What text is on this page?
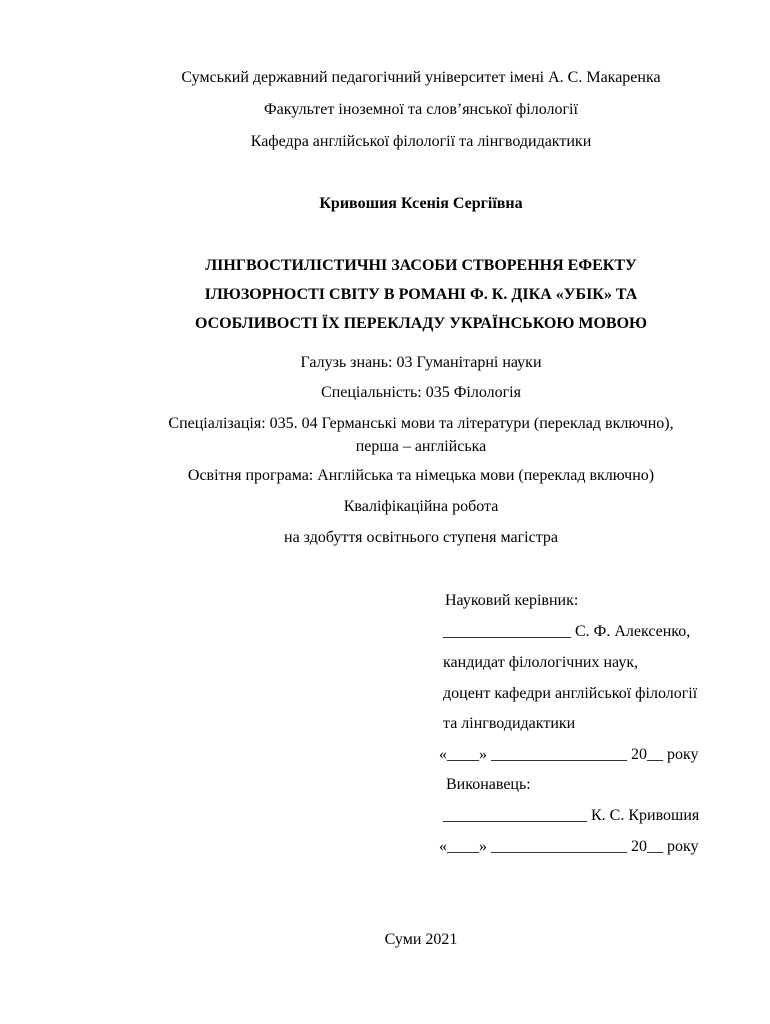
Сумський державний педагогічний університет імені А. С. Макаренка
Факультет іноземної та слов’янської філології
Кафедра англійської філології та лінгводидактики
Кривошия Ксенія Сергіївна
ЛІНГВОСТИЛІСТИЧНІ ЗАСОБИ СТВОРЕННЯ ЕФЕКТУ
ІЛЮЗОРНОСТІ СВІТУ В РОМАНІ Ф. К. ДІКА «УБІК» ТА
ОСОБЛИВОСТІ ЇХ ПЕРЕКЛАДУ УКРАЇНСЬКОЮ МОВОЮ
Галузь знань: 03 Гуманітарні науки
Спеціальність: 035 Філологія
Спеціалізація: 035. 04 Германські мови та літератури (переклад включно),
перша – англійська
Освітня програма: Англійська та німецька мови (переклад включно)
Кваліфікаційна робота
на здобуття освітнього ступеня магістра
Науковий керівник:
________________ С. Ф. Алексенко,
кандидат філологічних наук,
доцент кафедри англійської філології
та лінгводидактики
«____» _________________ 20__ року
Виконавець:
__________________ К. С. Кривошия
«____» _________________ 20__ року
Суми 2021
